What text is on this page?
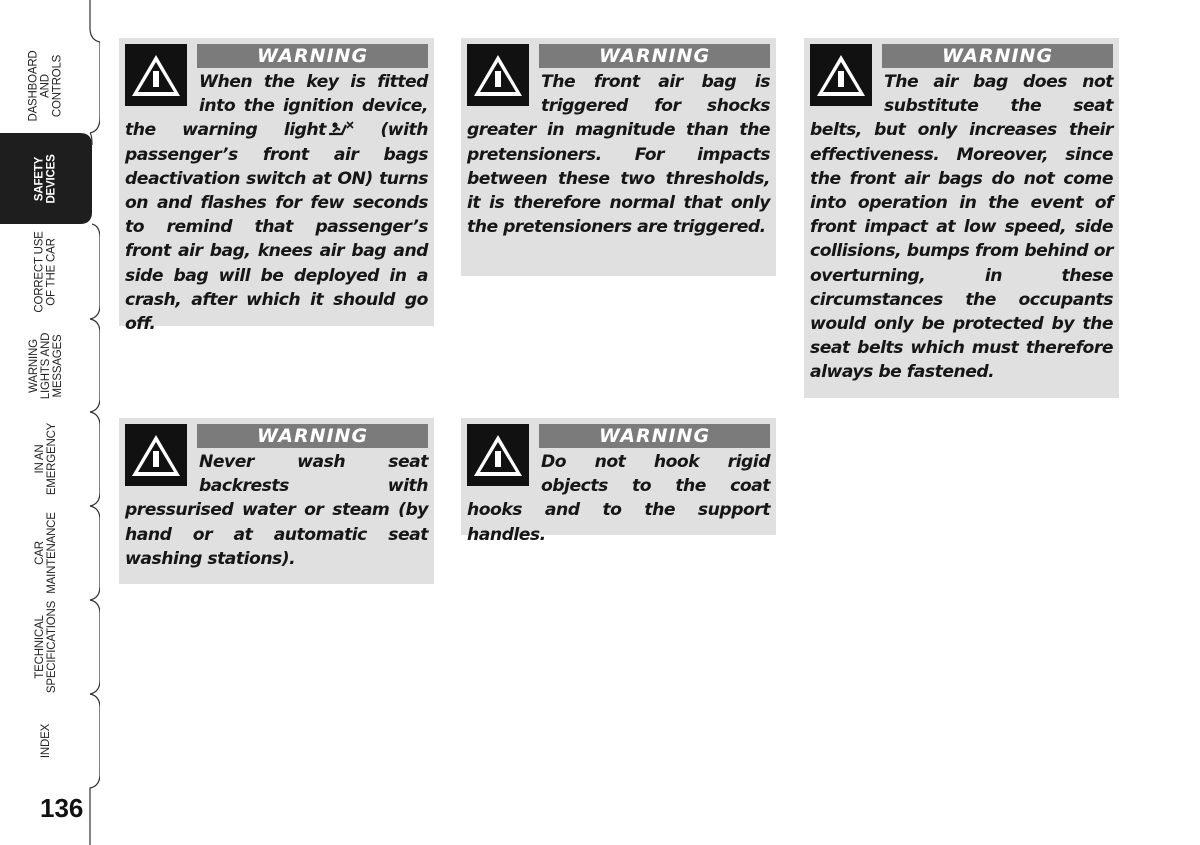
DASHBOARD
AND
CONTROLS
SAFETY
DEVICES
CORRECT USE
OF THE CAR
WARNING
LIGHTS AND
MESSAGES
IN AN
EMERGENCY
CAR
MAINTENANCE
TECHNICAL
SPECIFICATIONS
INDEX
136
WARNING

When the key is fitted into the ignition device, the warning light	(with passenger’s front air bags deactivation switch at ON) turns on and flashes for few seconds to remind that passenger’s front air bag, knees air bag and side bag will be deployed in a crash, after which it should go off.

WARNING

The front air bag is triggered for shocks greater in magnitude than the pretensioners. For impacts between these two thresholds, it is therefore normal that only the pretensioners are triggered.

WARNING

The air bag does not substitute the seat belts, but only increases their effectiveness. Moreover, since the front air bags do not come into operation in the event of front impact at low speed, side collisions, bumps from behind or overturning, in these circumstances the occupants would only be protected by the seat belts which must therefore always be fastened.

WARNING

Never wash seat backrests with pressurised water or steam (by hand or at automatic seat washing stations).

WARNING

Do not hook rigid objects to the coat hooks and to the support handles.
